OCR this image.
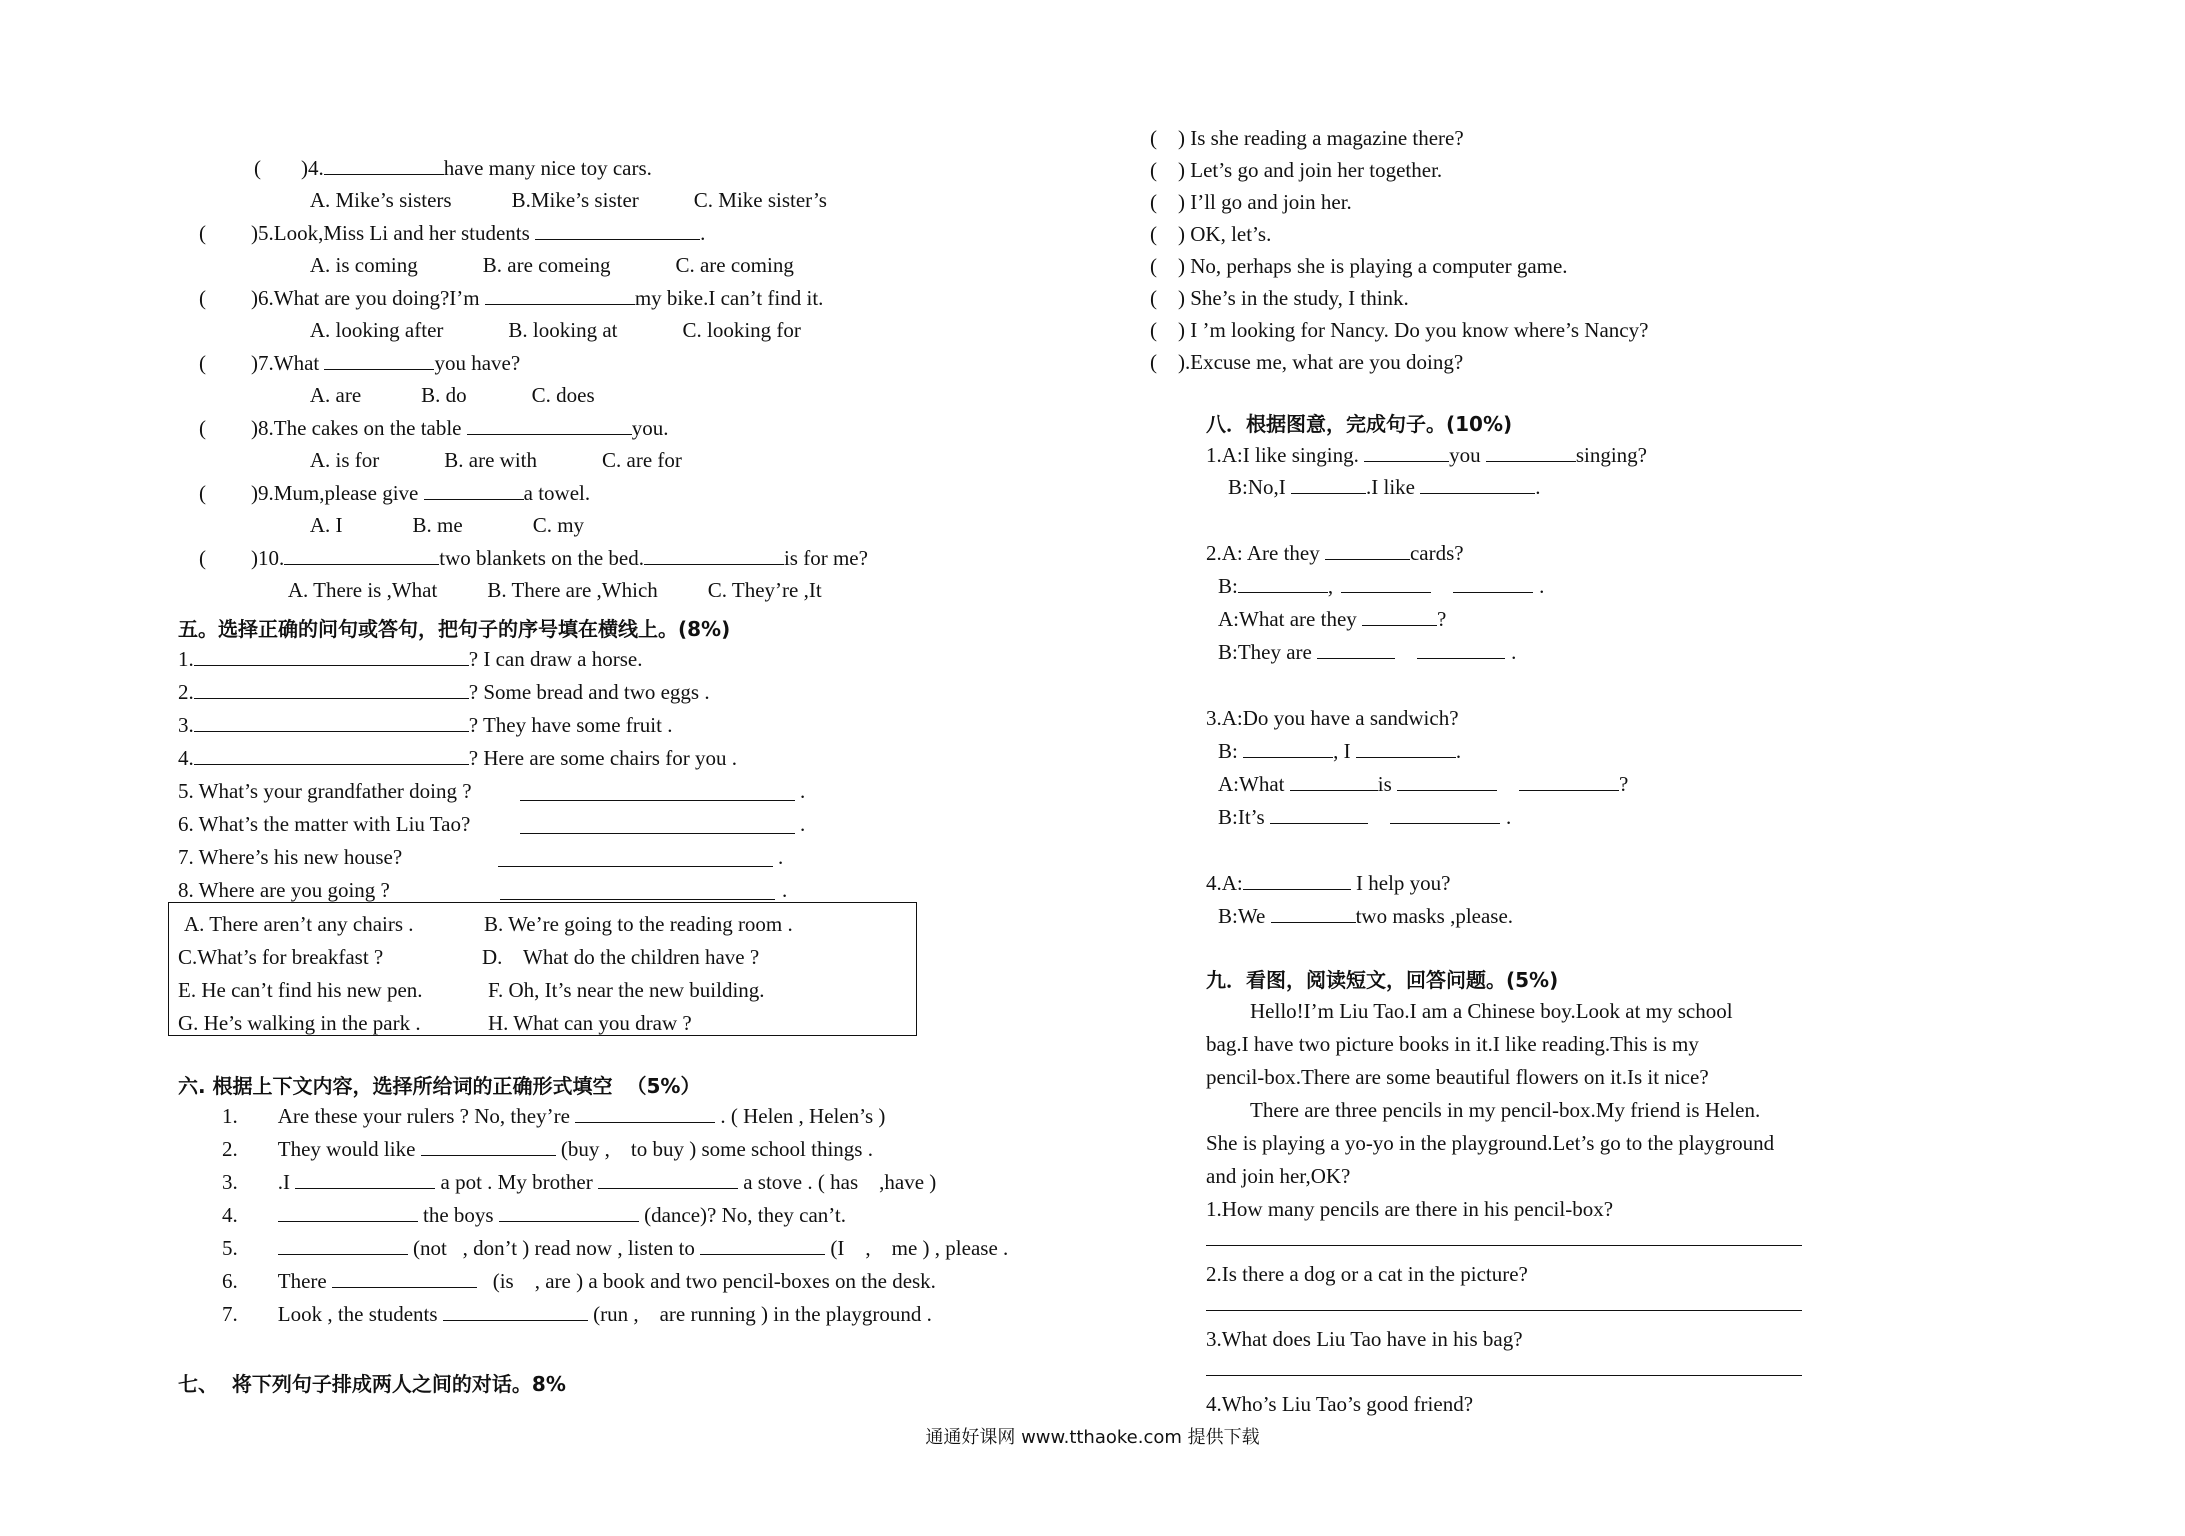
( )4.	have many nice toy cars.

A. Mike’s sisters	B.Mike’s sister	C. Mike sister’s

( )5.Look,Miss Li and her students	.

A. is coming	B. are comeing	C. are coming

( )6.What are you doing?I’m	my bike.I can’t find it.

A. looking after	B. looking at	C. looking for

( )7.What	you have?

A. are	B. do	C. does

( )8.The cakes on the table	you.

A. is for	B. are with	C. are for

( )9.Mum,please give	a towel.

A. I	B. me	C. my

( )10.	two blankets on the bed.	is for me?

A. There is ,What B. There are ,Which C. They’re ,It

五。选择正确的问句或答句，把句子的序号填在横线上。(8%)
1.	? I can draw a horse.
2.	? Some bread and two eggs .
3.	? They have some fruit .
4.	? Here are some chairs for you .
5. What’s your grandfather doing ?	.
6. What’s the matter with Liu Tao?	.
7. Where’s his new house?	.
8. Where are you going ?	.
A. There aren’t any chairs .	B. We’re going to the reading room .
C.What’s for breakfast ?	D.    What do the children have ?
E. He can’t find his new pen.	F. Oh, It’s near the new building.
G. He’s walking in the park .	H. What can you draw ?
六. 根据上下文内容，选择所给词的正确形式填空  （5%）
1. Are these your rulers ? No, they’re	. ( Helen , Helen’s )
2. They would like	(buy ,    to buy ) some school things .
3. .I	a pot . My brother	a stove . ( has    ,have )
4.	the boys	(dance)? No, they can’t.
5.	(not   , don’t ) read now , listen to	(I    ,    me ) , please .
6. There	(is    , are ) a book and two pencil-boxes on the desk.
7. Look , the students	(run ,    are running ) in the playground .
七、  将下列句子排成两人之间的对话。8%
(    ) Is she reading a magazine there?
(    ) Let’s go and join her together.
(    ) I’ll go and join her.
(    ) OK, let’s.
(    ) No, perhaps she is playing a computer game.
(    ) She’s in the study, I think.
(    ) I ’m looking for Nancy. Do you know where’s Nancy?
(    ).Excuse me, what are you doing?
八．根据图意，完成句子。(10%)
1.A:I like singing.	you	singing?
B:No,I	.I like	.
2.A: Are they	cards?
B:	,	.
A:What are they	?
B:They are	.
3.A:Do you have a sandwich?
B:	, I	.
A:What	is	?
B:It’s	.
4.A:	I help you?
B:We	two masks ,please.
九．看图，阅读短文，回答问题。(5%)
Hello!I’m Liu Tao.I am a Chinese boy.Look at my school
bag.I have two picture books in it.I like reading.This is my
pencil-box.There are some beautiful flowers on it.Is it nice?
There are three pencils in my pencil-box.My friend is Helen.
She is playing a yo-yo in the playground.Let’s go to the playground
and join her,OK?
1.How many pencils are there in his pencil-box?
2.Is there a dog or a cat in the picture?
3.What does Liu Tao have in his bag?
4.Who’s Liu Tao’s good friend?
通通好课网 www.tthaoke.com 提供下载
